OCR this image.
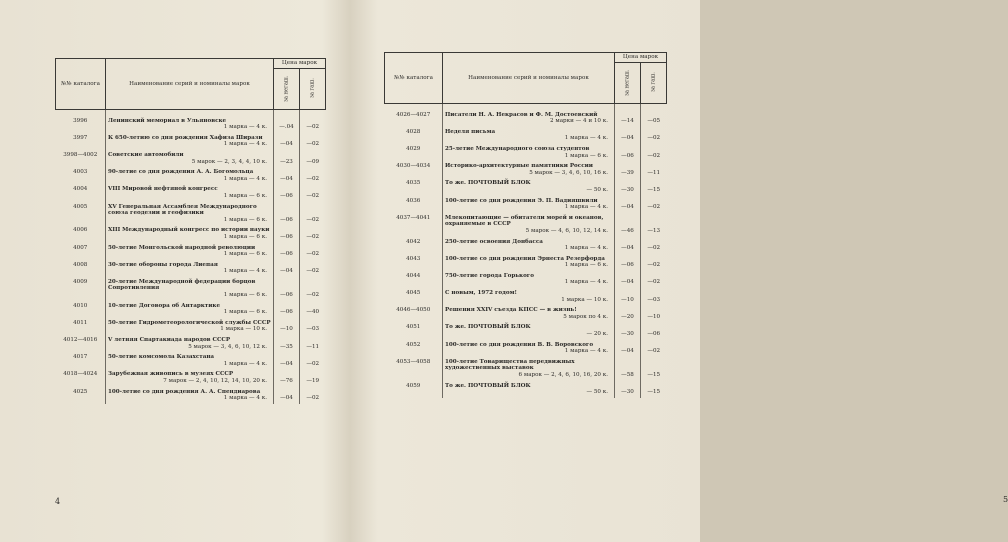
№№ каталога	Наименование серий и номиналы марок	Цена марок	
		за негаш.	за гаш.
3996	Ленинский мемориал в Ульяновске
1 марка — 4 к.	—.04	—02
3997	К 650-летию со дня рождения Хафиза Ширази
1 марка — 4 к.	—04	—02
3998—4002	Советские автомобили
5 марок — 2, 3, 4, 4, 10 к.	—23	—09
4003	90-летие со дня рождения А. А. Богомольца
1 марка — 4 к.	—04	—02
4004	VIII Мировой нефтяной конгресс
1 марка — 6 к.	—06	—02
4005	XV Генеральная Ассамблея Международного союза геодезии и геофизики
1 марка — 6 к.	—06	—02
4006	XIII Международный конгресс по истории науки
1 марка — 6 к.	—06	—02
4007	50-летие Монгольской народной революции
1 марка — 6 к.	—06	—02
4008	30-летие обороны города Лиепая
1 марка — 4 к.	—04	—02
4009	20-летие Международной федерации борцов Сопротивления
1 марка — 6 к.	—06	—02
4010	10-летие Договора об Антарктике
1 марка — 6 к.	—06	—40
4011	50-летие Гидрометеорологической службы СССР
1 марка — 10 к.	—10	—03
4012—4016	V летняя Спартакиада народов СССР
5 марок — 3, 4, 6, 10, 12 к.	—35	—11
4017	50-летие комсомола Казахстана
1 марка — 4 к.	—04	—02
4018—4024	Зарубежная живопись в музеях СССР
7 марок — 2, 4, 10, 12, 14, 10, 20 к.	—76	—19
4025	100-летие со дня рождения А. А. Спендиарова
1 марка — 4 к.	—04	—02
4
№№ каталога	Наименование серий и номиналы марок	Цена марок	
		за негаш.	за гаш.
4026—4027	Писатели Н. А. Некрасов и Ф. М. Достоевский
2 марки — 4 и 10 к.	—14	—05
4028	Неделя письма
1 марка — 4 к.	—04	—02
4029	25-летие Международного союза студентов
1 марка — 6 к.	—06	—02
4030—4034	Историко-архитектурные памятники России
5 марок — 3, 4, 6, 10, 16 к.	—39	—11
4035	То же. ПОЧТОВЫЙ БЛОК
— 50 к.	—30	—15
4036	100-летие со дня рождения Э. П. Вадияшвили
1 марка — 4 к.	—04	—02
4037—4041	Млекопитающие — обитатели морей и океанов, охраняемые в СССР
5 марок — 4, 6, 10, 12, 14 к.	—46	—13
4042	250-летие освоения Донбасса
1 марка — 4 к.	—04	—02
4043	100-летие со дня рождения Эрнеста Резерфорда
1 марка — 6 к.	—06	—02
4044	750-летие города Горького
1 марка — 4 к.	—04	—02
4045	С новым, 1972 годом!
1 марка — 10 к.	—10	—03
4046—4050	Решения XXIV съезда КПСС — в жизнь!
5 марок по 4 к.	—20	—10
4051	То же. ПОЧТОВЫЙ БЛОК
— 20 к.	—30	—06
4052	100-летие со дня рождения В. В. Воровского
1 марка — 4 к.	—04	—02
4053—4058	100-летие Товарищества передвижных художественных выставок
6 марок — 2, 4, 6, 10, 16, 20 к.	—58	—15
4059	То же. ПОЧТОВЫЙ БЛОК
— 50 к.	—30	—15
5
